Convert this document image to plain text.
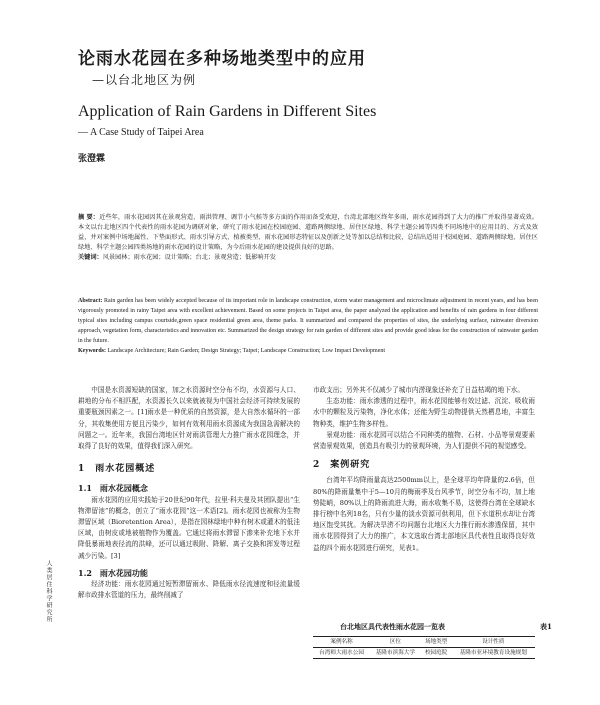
论雨水花园在多种场地类型中的应用
—以台北地区为例
Application of Rain Gardens in Different Sites
— A Case Study of Taipei Area
张澄霖
摘 要：近些年，雨水花园因其在景观营造、雨洪管理、调节小气候等多方面的作用而备受欢迎，台湾北部地区终年多雨，雨水花园得到了大力的推广并取得显著成效。本文以台北地区四个代表性的雨水花园为调研对象，研究了雨水花园在校园庭园、道路两侧绿地、居住区绿地、科学主题公园等四类不同场地中的应用目的、方式及效益，并对案例中场地属性、下垫面形式、雨水引导方式、植被类型、雨水花园形态特征以及创新之处等加以总结和比较，总结出适用于校园庭园、道路两侧绿地、居住区绿地、科学主题公园四类场地的雨水花园的设计策略，为今后雨水花园的建设提供良好的思路。
关键词：风景园林；雨水花园；设计策略；台北；景观营造；低影响开发
Abstract: Rain garden has been widely accepted because of its important role in landscape construction, storm water management and microclimate adjustment in recent years, and has been vigorously promoted in rainy Taipei area with excellent achievement. Based on some projects in Taipei area, the paper analyzed the application and benefits of rain gardens in four different typical sites including campus courtside,green space residential green area, theme parks. It summarized and compared the properties of sites, the underlying surface, rainwater diversion approach, vegetation form, characteristics and innovation etc. Summarized the design strategy for rain garden of different sites and provide good ideas for the construction of rainwater garden in the future.
Keywords: Landscape Architecture; Rain Garden; Design Strategy; Taipei; Landscape Construction; Low Impact Development
人类居住科学研究所
中国是水资源短缺的国家，加之水资源时空分布不均，水资源与人口、耕地的分布不相匹配，水资源长久以来就被视为中国社会经济可持续发展的重要瓶颈因素之一。[1]雨水是一种优质的自然资源，是大自然水循环的一部分，其收集使用方便且污染少，如何有效利用雨水资源成为我国急需解决的问题之一。近年来，我国台湾地区针对雨洪管理大力推广雨水花园理念，并取得了良好的效果，值得我们深入研究。
1　雨水花园概述
1.1　雨水花园概念
雨水花园的应用实践始于20世纪90年代，拉里·科夫曼及其团队提出“生物滞留池”的概念，创立了“雨水花园”这一术语[2]。雨水花园也被称为生物滞留区域（Bioretention Area），是指在园林绿地中种有树木或灌木的低洼区域，由树皮或地被植物作为覆盖。它通过将雨水滞留下渗来补充地下水并降低暴雨地表径流的洪峰，还可以通过吸附、降解、离子交换和挥发等过程减少污染。[3]
1.2　雨水花园功能
经济功能：雨水花园通过短暂滞留雨水、降低雨水径流速度和径流量缓解市政排水管道的压力，最终削减了
市政支出；另外其不仅减少了城市内涝现象还补充了日益枯竭的地下水。
生态功能：雨水渗透的过程中，雨水花园能够有效过滤、沉淀、吸收雨水中的颗粒及污染物，净化水体；还能为野生动物提供天然栖息地，丰富生物种类，维护生物多样性。
景观功能：雨水花园可以结合不同种类的植物、石材、小品等景观要素营造景观效果，创造具有吸引力的景观环境，为人们提供不同的视觉感受。
2　案例研究
台湾年平均降雨量高达2500mm以上，是全球平均年降量的2.6倍，但80%的降雨量集中于5—10月的梅雨季及台风季节，时空分布不均，加上地势陡峭，80%以上的降雨流进大海，雨水收集不易，这使得台湾在全球缺水排行榜中名列18名，只有少量的淡水资源可供利用，但下水道积水却让台湾地区饱受其扰。为解决旱涝不均问题台北地区大力推行雨水渗透保留，其中雨水花园得到了大力的推广，本文选取台湾北部地区具代表性且取得良好效益的四个雨水花园进行研究，见表1。
台北地区具代表性雨水花园一览表	表1
案例名称	区位	场地类型	设计性质
台湾师大雨水公园	基隆市滨海大学	校园庭院	基隆市亚环境教育设施规划
